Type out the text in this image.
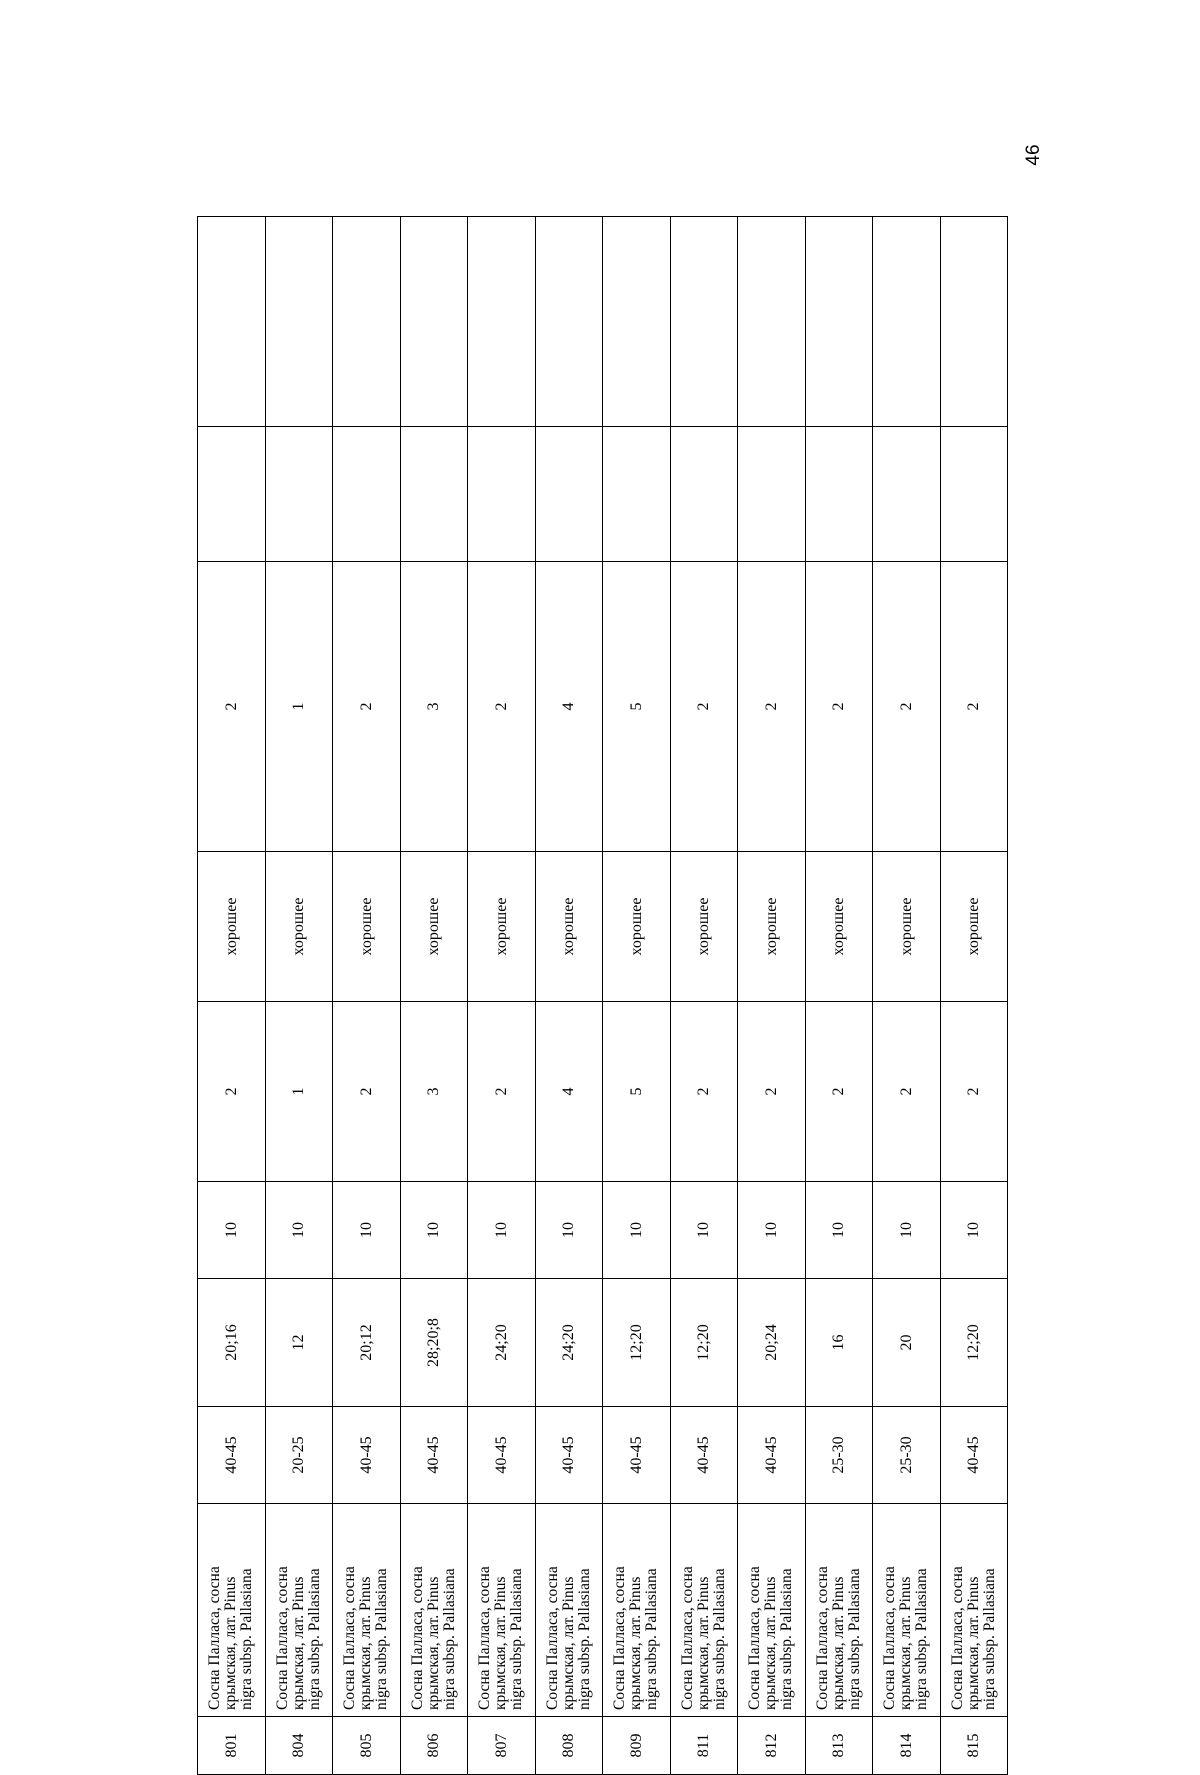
46
801	Сосна Палласа, сосна крымская, лат. Pinus nigra subsp. Pallasiana	40-45	20;16	10	2	хорошее	2		
804	Сосна Палласа, сосна крымская, лат. Pinus nigra subsp. Pallasiana	20-25	12	10	1	хорошее	1		
805	Сосна Палласа, сосна крымская, лат. Pinus nigra subsp. Pallasiana	40-45	20;12	10	2	хорошее	2		
806	Сосна Палласа, сосна крымская, лат. Pinus nigra subsp. Pallasiana	40-45	28;20;8	10	3	хорошее	3		
807	Сосна Палласа, сосна крымская, лат. Pinus nigra subsp. Pallasiana	40-45	24;20	10	2	хорошее	2		
808	Сосна Палласа, сосна крымская, лат. Pinus nigra subsp. Pallasiana	40-45	24;20	10	4	хорошее	4		
809	Сосна Палласа, сосна крымская, лат. Pinus nigra subsp. Pallasiana	40-45	12;20	10	5	хорошее	5		
811	Сосна Палласа, сосна крымская, лат. Pinus nigra subsp. Pallasiana	40-45	12;20	10	2	хорошее	2		
812	Сосна Палласа, сосна крымская, лат. Pinus nigra subsp. Pallasiana	40-45	20;24	10	2	хорошее	2		
813	Сосна Палласа, сосна крымская, лат. Pinus nigra subsp. Pallasiana	25-30	16	10	2	хорошее	2		
814	Сосна Палласа, сосна крымская, лат. Pinus nigra subsp. Pallasiana	25-30	20	10	2	хорошее	2		
815	Сосна Палласа, сосна крымская, лат. Pinus nigra subsp. Pallasiana	40-45	12;20	10	2	хорошее	2		
